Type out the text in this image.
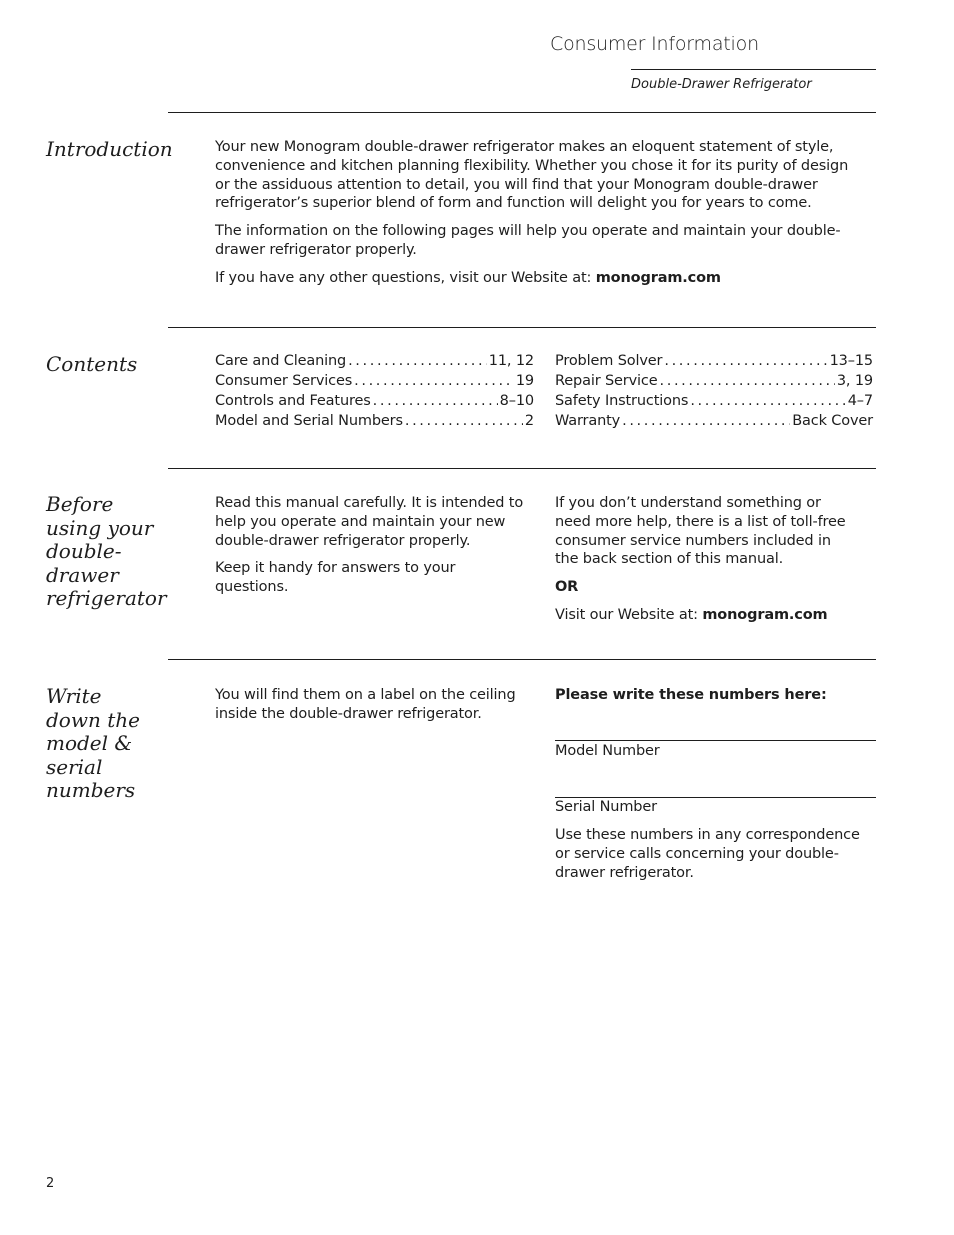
Consumer Information
Double-Drawer Refrigerator
Introduction	Your new Monogram double-drawer refrigerator makes an eloquent statement of style, convenience and kitchen planning flexibility. Whether you chose it for its purity of design or the assiduous attention to detail, you will find that your Monogram double-drawer refrigerator’s superior blend of form and function will delight you for years to come.

The information on the following pages will help you operate and maintain your double-drawer refrigerator properly.

If you have any other questions, visit our Website at: monogram.com

Contents	Care and Cleaning . . .	11, 12
Consumer Services . . .	19
Controls and Features . . .	8–10
Model and Serial Numbers . . .	2
Problem Solver . . .	13–15
Repair Service . . .	3, 19
Safety Instructions . . .	4–7
Warranty . . .	Back Cover
Before
using your
double-
drawer
refrigerator

Read this manual carefully. It is intended to help you operate and maintain your new double-drawer refrigerator properly.

Keep it handy for answers to your questions.

If you don’t understand something or need more help, there is a list of toll-free consumer service numbers included in the back section of this manual.

OR

Visit our Website at: monogram.com

Write
down the
model &
serial
numbers

You will find them on a label on the ceiling inside the double-drawer refrigerator.

Please write these numbers here:
Model Number
Serial Number

Use these numbers in any correspondence or service calls concerning your double-drawer refrigerator.

2
